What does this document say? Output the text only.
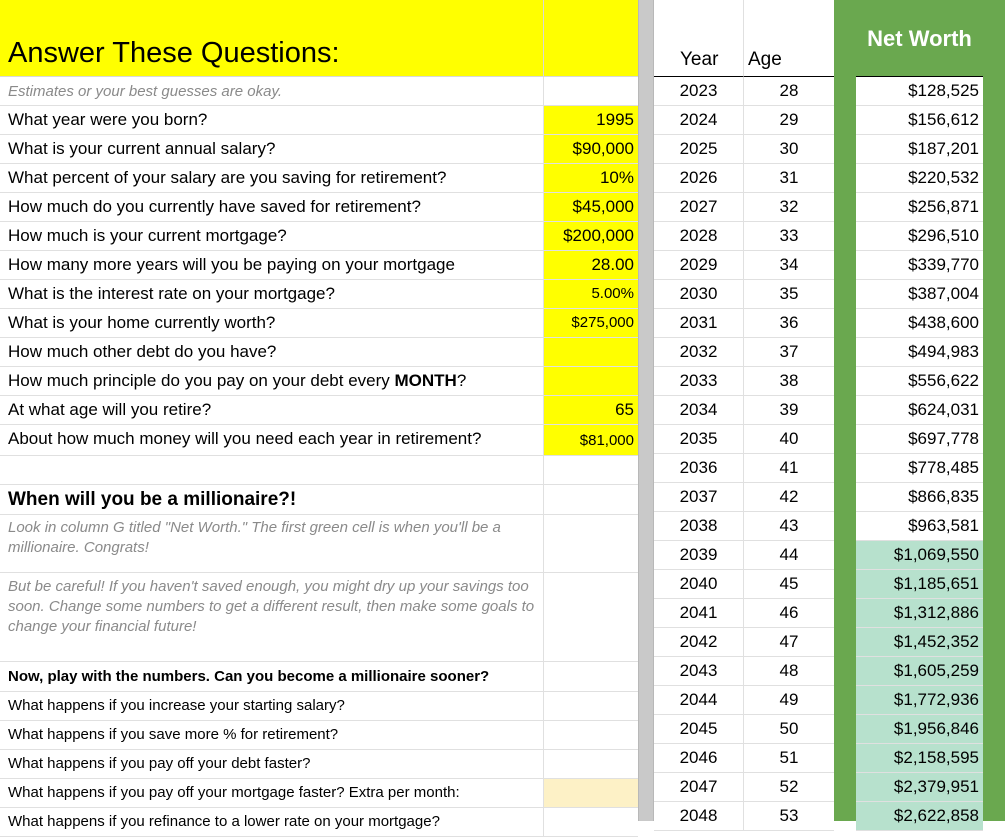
Answer These Questions:
Estimates or your best guesses are okay.
What year were you born?	1995
What is your current annual salary?	$90,000
What percent of your salary are you saving for retirement?	10%
How much do you currently have saved for retirement?	$45,000
How much is your current mortgage?	$200,000
How many more years will you be paying on your mortgage	28.00
What is the interest rate on your mortgage?	5.00%
What is your home currently worth?	$275,000
How much other debt do you have?
How much principle do you pay on your debt every MONTH?
At what age will you retire?	65
About how much money will you need each year in retirement?	$81,000
When will you be a millionaire?!
Look in column G titled "Net Worth." The first green cell is when you'll be a millionaire. Congrats!
But be careful! If you haven't saved enough, you might dry up your savings too soon. Change some numbers to get a different result, then make some goals to change your financial future!
Now, play with the numbers. Can you become a millionaire sooner?
What happens if you increase your starting salary?
What happens if you save more % for retirement?
What happens if you pay off your debt faster?
What happens if you pay off your mortgage faster? Extra per month:
What happens if you refinance to a lower rate on your mortgage?
Year Age
Net Worth
2023	28	$128,525
2024	29	$156,612
2025	30	$187,201
2026	31	$220,532
2027	32	$256,871
2028	33	$296,510
2029	34	$339,770
2030	35	$387,004
2031	36	$438,600
2032	37	$494,983
2033	38	$556,622
2034	39	$624,031
2035	40	$697,778
2036	41	$778,485
2037	42	$866,835
2038	43	$963,581
2039	44	$1,069,550
2040	45	$1,185,651
2041	46	$1,312,886
2042	47	$1,452,352
2043	48	$1,605,259
2044	49	$1,772,936
2045	50	$1,956,846
2046	51	$2,158,595
2047	52	$2,379,951
2048	53	$2,622,858
